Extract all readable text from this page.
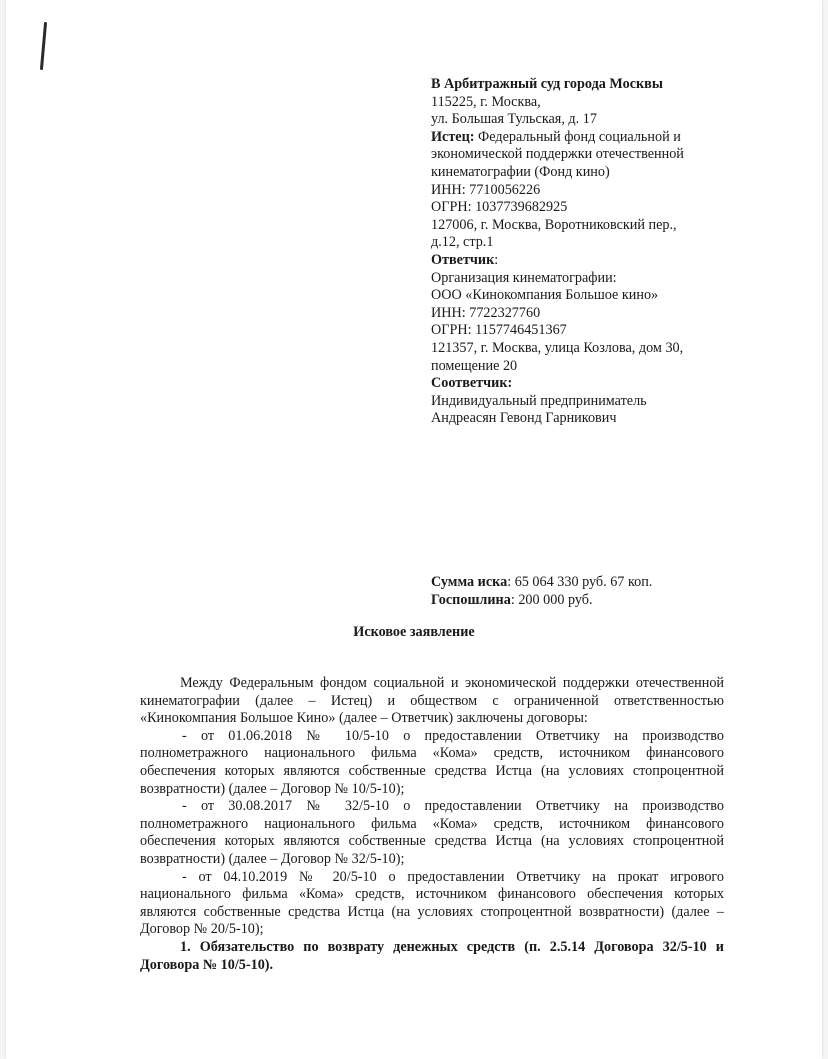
В Арбитражный суд города Москвы
115225, г. Москва,
ул. Большая Тульская, д. 17
Истец: Федеральный фонд социальной и
экономической поддержки отечественной
кинематографии (Фонд кино)
ИНН: 7710056226
ОГРН: 1037739682925
127006, г. Москва, Воротниковский пер.,
д.12, стр.1
Ответчик:
Организация кинематографии:
ООО «Кинокомпания Большое кино»
ИНН: 7722327760
ОГРН: 1157746451367
121357, г. Москва, улица Козлова, дом 30,
помещение 20
Соответчик:
Индивидуальный предприниматель
Андреасян Гевонд Гарникович
Сумма иска: 65 064 330 руб. 67 коп.
Госпошлина: 200 000 руб.
Исковое заявление

Между Федеральным фондом социальной и экономической поддержки отечественной кинематографии (далее – Истец) и обществом с ограниченной ответственностью «Кинокомпания Большое Кино» (далее – Ответчик) заключены договоры:

- от 01.06.2018 № 10/5-10 о предоставлении Ответчику на производство полнометражного национального фильма «Кома» средств, источником финансового обеспечения которых являются собственные средства Истца (на условиях стопроцентной возвратности) (далее – Договор № 10/5-10);

- от 30.08.2017 № 32/5-10 о предоставлении Ответчику на производство полнометражного национального фильма «Кома» средств, источником финансового обеспечения которых являются собственные средства Истца (на условиях стопроцентной возвратности) (далее – Договор № 32/5-10);

- от 04.10.2019 № 20/5-10 о предоставлении Ответчику на прокат игрового национального фильма «Кома» средств, источником финансового обеспечения которых являются собственные средства Истца (на условиях стопроцентной возвратности) (далее – Договор № 20/5-10);

1. Обязательство по возврату денежных средств (п. 2.5.14 Договора 32/5-10 и Договора № 10/5-10).
